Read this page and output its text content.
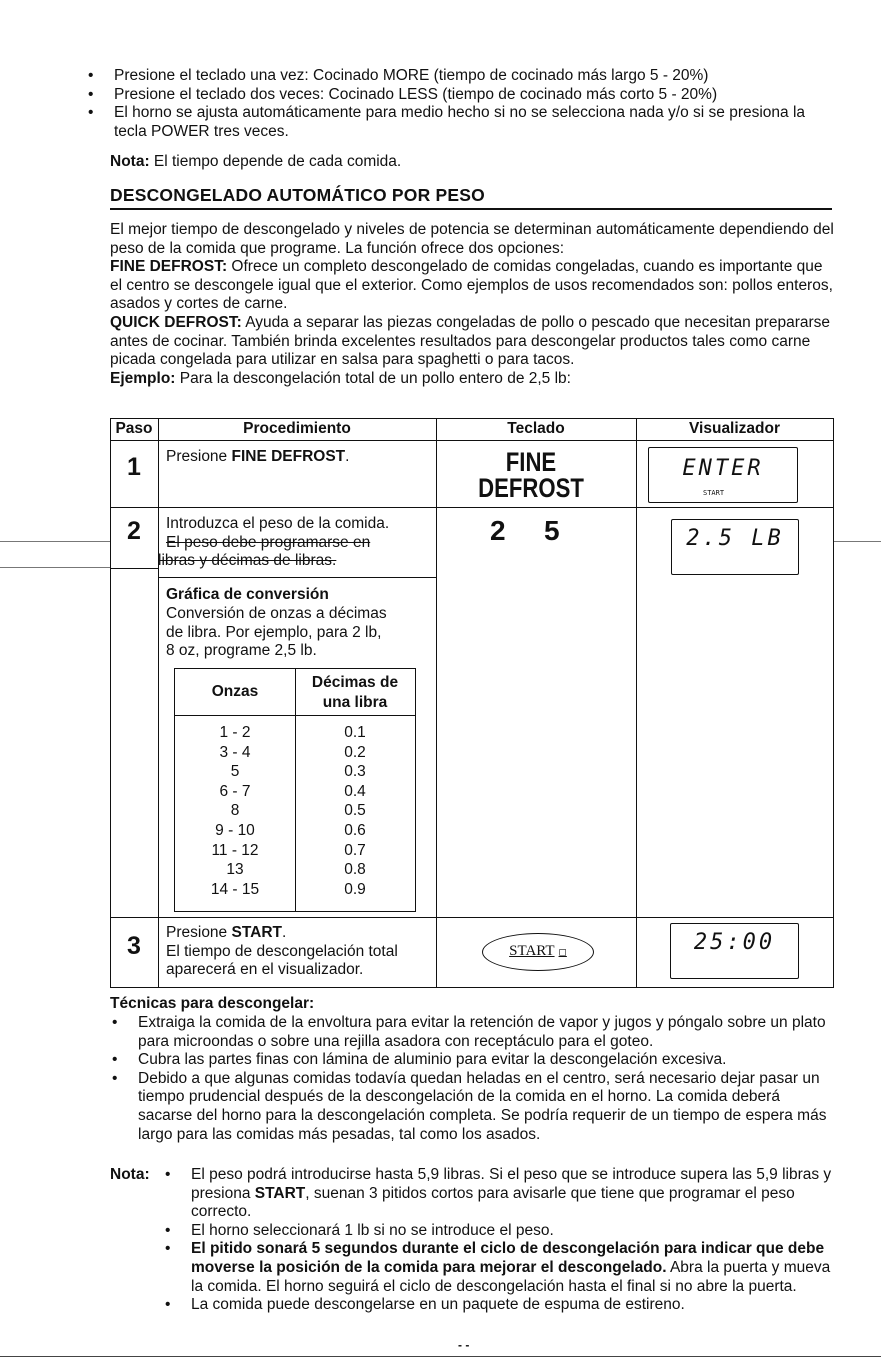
• Presione el teclado una vez: Cocinado MORE (tiempo de cocinado más largo 5 - 20%)
• Presione el teclado dos veces: Cocinado LESS (tiempo de cocinado más corto 5 - 20%)
• El horno se ajusta automáticamente para medio hecho si no se selecciona nada y/o si se presiona la tecla POWER tres veces.
Nota: El tiempo depende de cada comida.
DESCONGELADO AUTOMÁTICO POR PESO
El mejor tiempo de descongelado y niveles de potencia se determinan automáticamente dependiendo del peso de la comida que programe. La función ofrece dos opciones:
FINE DEFROST: Ofrece un completo descongelado de comidas congeladas, cuando es importante que el centro se descongele igual que el exterior. Como ejemplos de usos recomendados son: pollos enteros, asados y cortes de carne.
QUICK DEFROST: Ayuda a separar las piezas congeladas de pollo o pescado que necesitan prepararse antes de cocinar. También brinda excelentes resultados para descongelar productos tales como carne picada congelada para utilizar en salsa para spaghetti o para tacos.
Ejemplo: Para la descongelación total de un pollo entero de 2,5 lb:
Paso	Procedimiento	Teclado	Visualizador
1	Presione FINE DEFROST.	FINE
DEFROST
ENTER
START
2	Introduzca el peso de la comida.
El peso debe programarse en
libras y décimas de libras.
2 5	2.5 LB
Gráfica de conversión
Conversión de onzas a décimas de libra. Por ejemplo, para 2 lb, 8 oz, programe 2,5 lb.
Onzas
Décimas de una libra
1 - 2
3 - 4
5
6 - 7
8
9 - 10
11 - 12
13
14 - 15
0.1
0.2
0.3
0.4
0.5
0.6
0.7
0.8
0.9
3	Presione START.
El tiempo de descongelación total aparecerá en el visualizador.
START ◻	25:00
Técnicas para descongelar:
• Extraiga la comida de la envoltura para evitar la retención de vapor y jugos y póngalo sobre un plato para microondas o sobre una rejilla asadora con receptáculo para el goteo.
• Cubra las partes finas con lámina de aluminio para evitar la descongelación excesiva.
• Debido a que algunas comidas todavía quedan heladas en el centro, será necesario dejar pasar un tiempo prudencial después de la descongelación de la comida en el horno. La comida deberá sacarse del horno para la descongelación completa. Se podría requerir de un tiempo de espera más largo para las comidas más pesadas, tal como los asados.
Nota:
•	El peso podrá introducirse hasta 5,9 libras. Si el peso que se introduce supera las 5,9 libras y presiona START, suenan 3 pitidos cortos para avisarle que tiene que programar el peso correcto.
• El horno seleccionará 1 lb si no se introduce el peso.
• El pitido sonará 5 segundos durante el ciclo de descongelación para indicar que debe moverse la posición de la comida para mejorar el descongelado. Abra la puerta y mueva la comida. El horno seguirá el ciclo de descongelación hasta el final si no abre la puerta.
• La comida puede descongelarse en un paquete de espuma de estireno.
- -
